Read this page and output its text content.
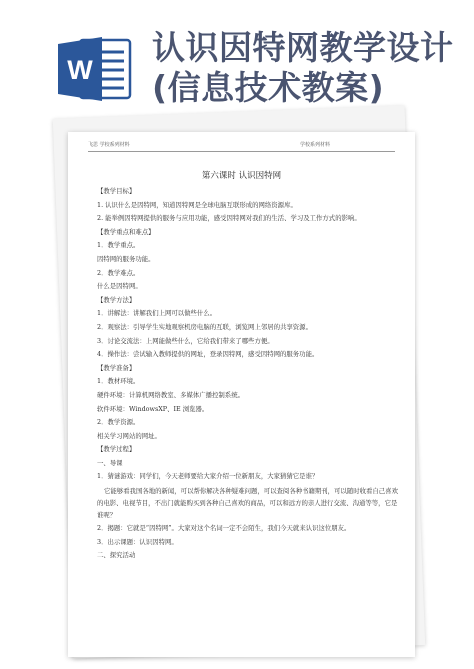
W
认识因特网教学设计(信息技术教案)
飞思 学校系列材料	学校系列材料
第六课时 认识因特网
【教学目标】
1. 认识什么是因特网，知道因特网是全球电脑互联形成的网络资源库。
2. 能举例因特网提供的服务与应用功能，感受因特网对我们的生活、学习及工作方式的影响。
【教学重点和难点】
1．教学重点。
因特网的服务功能。
2．教学难点。
什么是因特网。
【教学方法】
1．讲解法：讲解我们上网可以做些什么。
2．观察法：引导学生实地观察机房电脑的互联，浏览网上邻居的共享资源。
3．讨论交流法：上网能做些什么，它给我们带来了哪些方便。
4．操作法：尝试输入教师提供的网址，登录因特网，感受因特网的服务功能。
【教学准备】
1．教材环境。
硬件环境：计算机网络教室、多媒体广播控制系统。
软件环境：WindowsXP、IE 浏览器。
2．教学资源。
相关学习网站的网址。
【教学过程】
一、导课
1．猜谜游戏：同学们，今天老师要给大家介绍一位新朋友，大家猜猜它是谁？
它能够看我国各地的新闻，可以帮你解决各种疑难问题，可以查阅各种书籍期刊，可以随时收看自己喜欢的电影、电视节目，不出门就能购买到各种自己喜欢的商品，可以和远方的亲人进行交流、沟通等等，它是谁呢？
2．揭题：它就是“因特网”。大家对这个名词一定不会陌生，我们今天就来认识这位朋友。
3．出示课题：认识因特网。
二、探究活动
